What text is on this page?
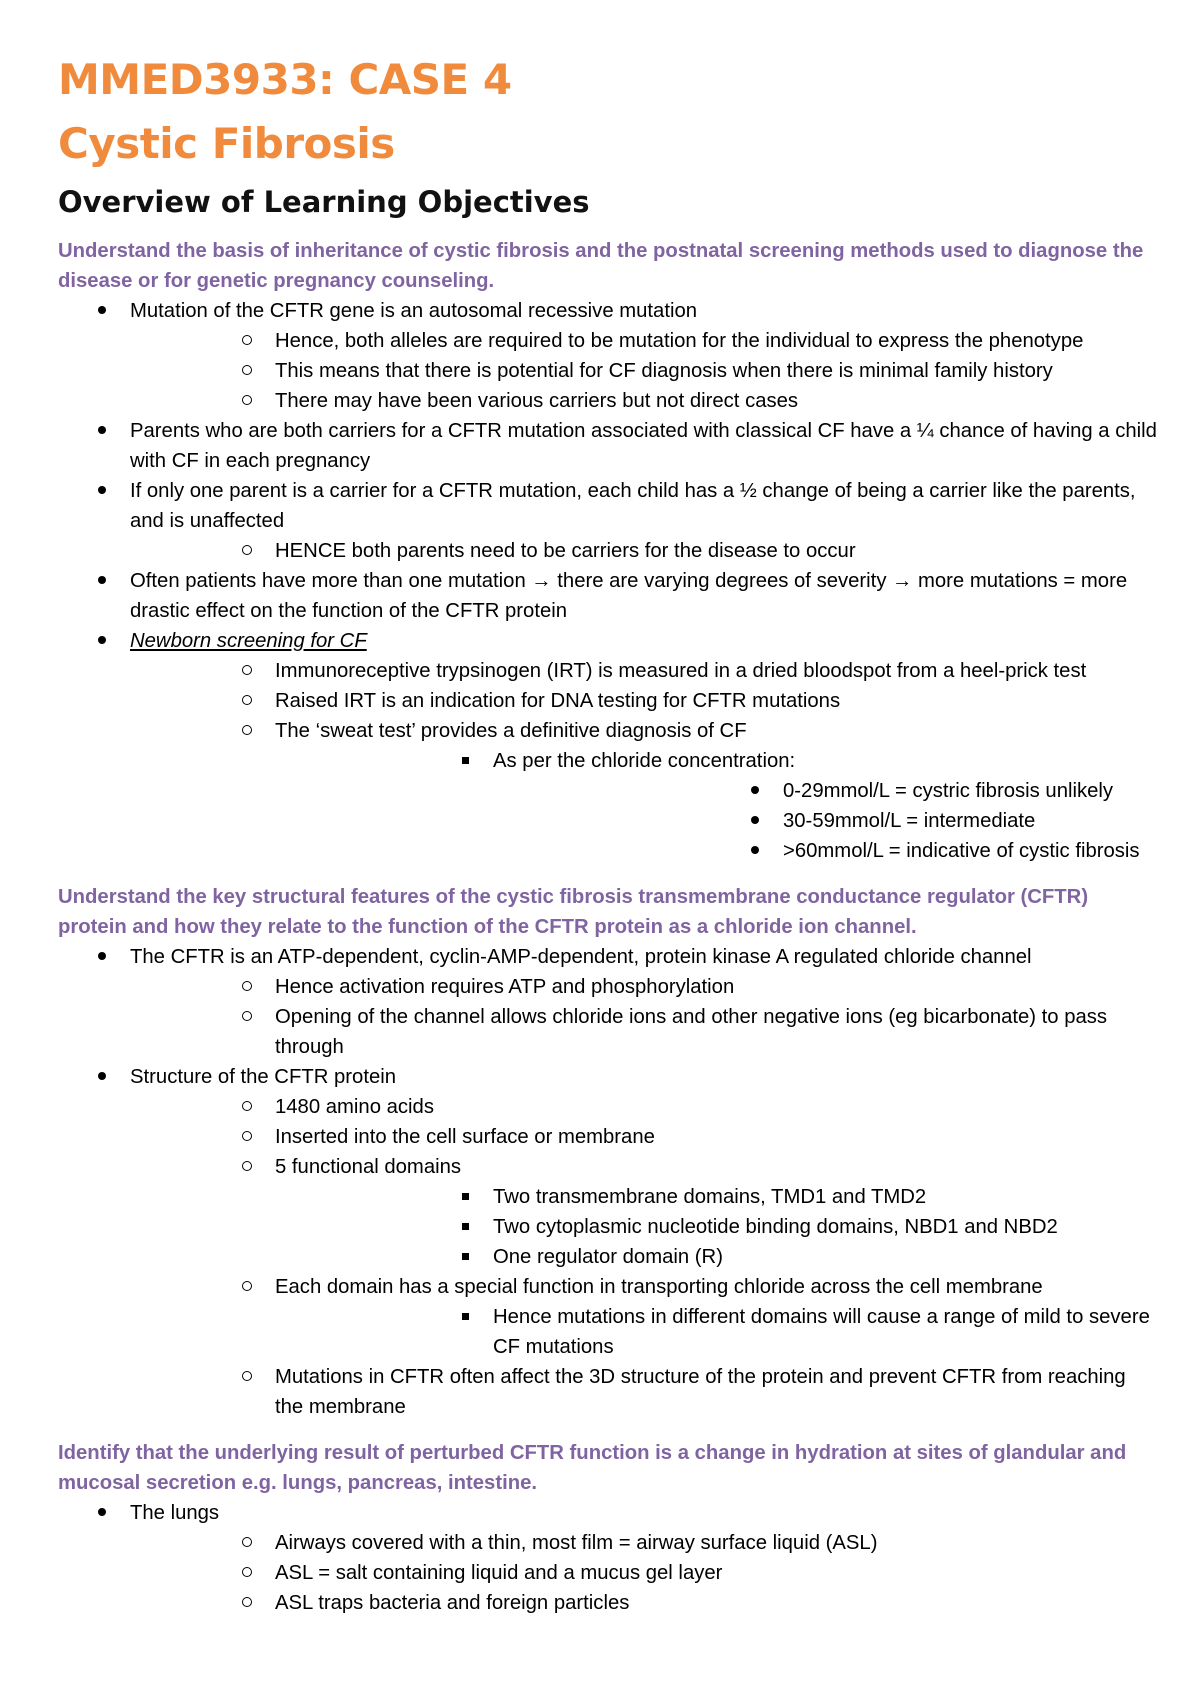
MMED3933: CASE 4
Cystic Fibrosis
Overview of Learning Objectives

Understand the basis of inheritance of cystic fibrosis and the postnatal screening methods used to diagnose the disease or for genetic pregnancy counseling.

Mutation of the CFTR gene is an autosomal recessive mutation
Hence, both alleles are required to be mutation for the individual to express the phenotype
This means that there is potential for CF diagnosis when there is minimal family history
There may have been various carriers but not direct cases
Parents who are both carriers for a CFTR mutation associated with classical CF have a ¼ chance of having a child with CF in each pregnancy
If only one parent is a carrier for a CFTR mutation, each child has a ½ change of being a carrier like the parents, and is unaffected
HENCE both parents need to be carriers for the disease to occur
Often patients have more than one mutation → there are varying degrees of severity → more mutations = more drastic effect on the function of the CFTR protein
Newborn screening for CF
Immunoreceptive trypsinogen (IRT) is measured in a dried bloodspot from a heel-prick test
Raised IRT is an indication for DNA testing for CFTR mutations
The ‘sweat test’ provides a definitive diagnosis of CF
As per the chloride concentration:
0-29mmol/L = cystric fibrosis unlikely
30-59mmol/L = intermediate
>60mmol/L = indicative of cystic fibrosis

Understand the key structural features of the cystic fibrosis transmembrane conductance regulator (CFTR) protein and how they relate to the function of the CFTR protein as a chloride ion channel.

The CFTR is an ATP-dependent, cyclin-AMP-dependent, protein kinase A regulated chloride channel
Hence activation requires ATP and phosphorylation
Opening of the channel allows chloride ions and other negative ions (eg bicarbonate) to pass through
Structure of the CFTR protein
1480 amino acids
Inserted into the cell surface or membrane
5 functional domains
Two transmembrane domains, TMD1 and TMD2
Two cytoplasmic nucleotide binding domains, NBD1 and NBD2
One regulator domain (R)
Each domain has a special function in transporting chloride across the cell membrane
Hence mutations in different domains will cause a range of mild to severe CF mutations
Mutations in CFTR often affect the 3D structure of the protein and prevent CFTR from reaching the membrane

Identify that the underlying result of perturbed CFTR function is a change in hydration at sites of glandular and mucosal secretion e.g. lungs, pancreas, intestine.

The lungs
Airways covered with a thin, most film = airway surface liquid (ASL)
ASL = salt containing liquid and a mucus gel layer
ASL traps bacteria and foreign particles
